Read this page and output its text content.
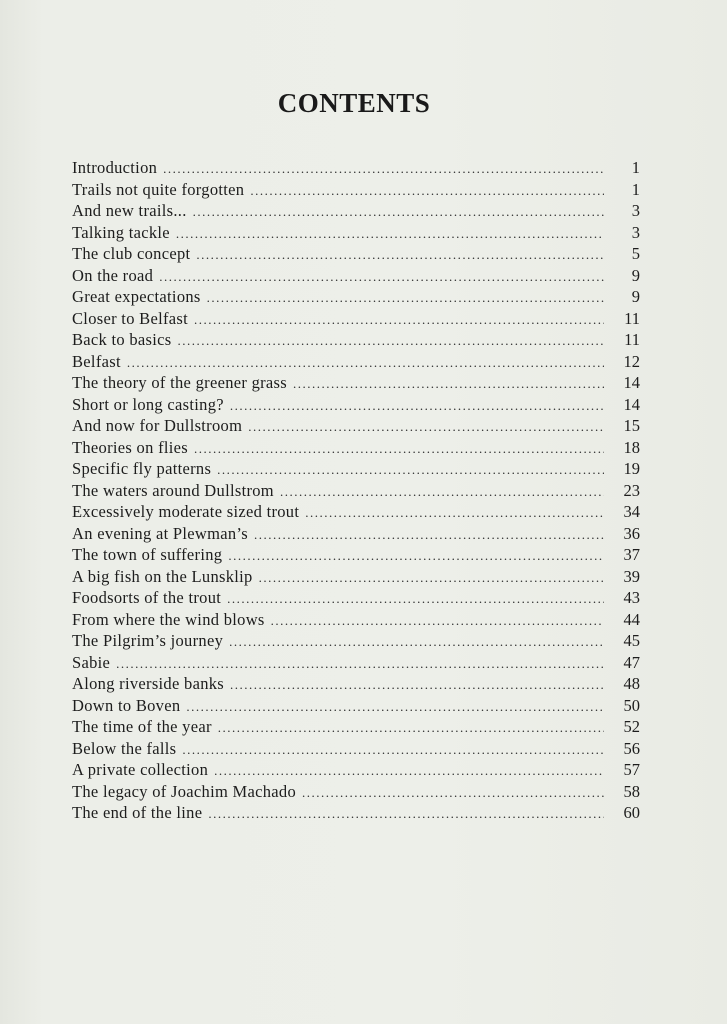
CONTENTS
Introduction .....	1
Trails not quite forgotten .....	1
And new trails... .....	3
Talking tackle .....	3
The club concept .....	5
On the road .....	9
Great expectations .....	9
Closer to Belfast .....	11
Back to basics .....	11
Belfast .....	12
The theory of the greener grass .....	14
Short or long casting? .....	14
And now for Dullstroom .....	15
Theories on flies .....	18
Specific fly patterns .....	19
The waters around Dullstrom .....	23
Excessively moderate sized trout .....	34
An evening at Plewman’s .....	36
The town of suffering .....	37
A big fish on the Lunsklip .....	39
Foodsorts of the trout .....	43
From where the wind blows .....	44
The Pilgrim’s journey .....	45
Sabie .....	47
Along riverside banks .....	48
Down to Boven .....	50
The time of the year .....	52
Below the falls .....	56
A private collection .....	57
The legacy of Joachim Machado .....	58
The end of the line .....	60
